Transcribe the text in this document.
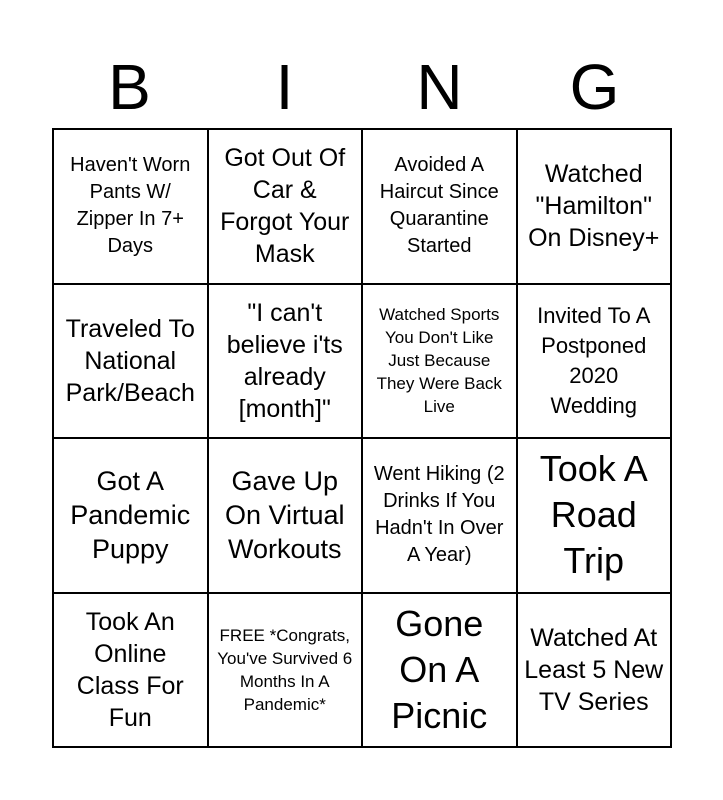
B	I	N	G
Haven't Worn Pants W/ Zipper In 7+ Days
Got Out Of Car & Forgot Your Mask
Avoided A Haircut Since Quarantine Started
Watched "Hamilton" On Disney+
Traveled To National Park/Beach
"I can't believe i'ts already [month]"
Watched Sports You Don't Like Just Because They Were Back Live
Invited To A Postponed 2020 Wedding
Got A Pandemic Puppy
Gave Up On Virtual Workouts
Went Hiking (2 Drinks If You Hadn't In Over A Year)
Took A Road Trip
Took An Online Class For Fun
FREE *Congrats, You've Survived 6 Months In A Pandemic*
Gone On A Picnic
Watched At Least 5 New TV Series
